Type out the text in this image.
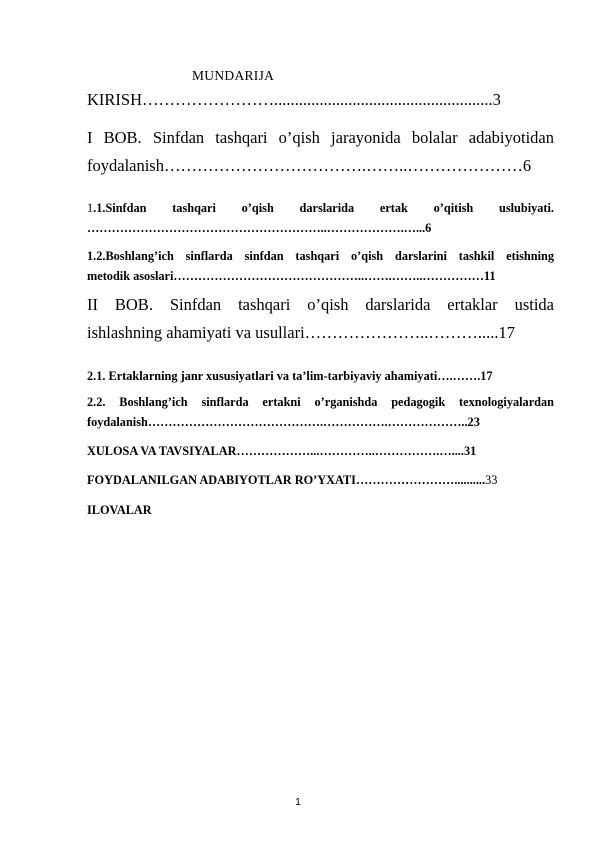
MUNDARIJA

KIRISH…………………….....................................................3

I BOB. Sinfdan tashqari o’qish jarayonida bolalar adabiyotidan

foydalanish……………………………….……..…………………6

1.1.Sinfdan tashqari o’qish darslarida ertak o’qitish uslubiyati.

…………………………………………………..……………….…...6

1.2.Boshlang’ich sinflarda sinfdan tashqari o’qish darslarini tashkil etishning

metodik asoslari………………………………………..…….……..……………11

II BOB. Sinfdan tashqari o’qish darslarida ertaklar ustida

ishlashning ahamiyati va usullari…………………..……….....17

2.1. Ertaklarning janr xususiyatlari va ta’lim-tarbiyaviy ahamiyati….…….17

2.2. Boshlang’ich sinflarda ertakni o’rganishda pedagogik texnologiyalardan

foydalanish…………………………………….…………….………………..23

XULOSA VA TAVSIYALAR………………...…………..…………….…....31

FOYDALANILGAN ADABIYOTLAR RO’YXATI……………………..........33

ILOVALAR

1
